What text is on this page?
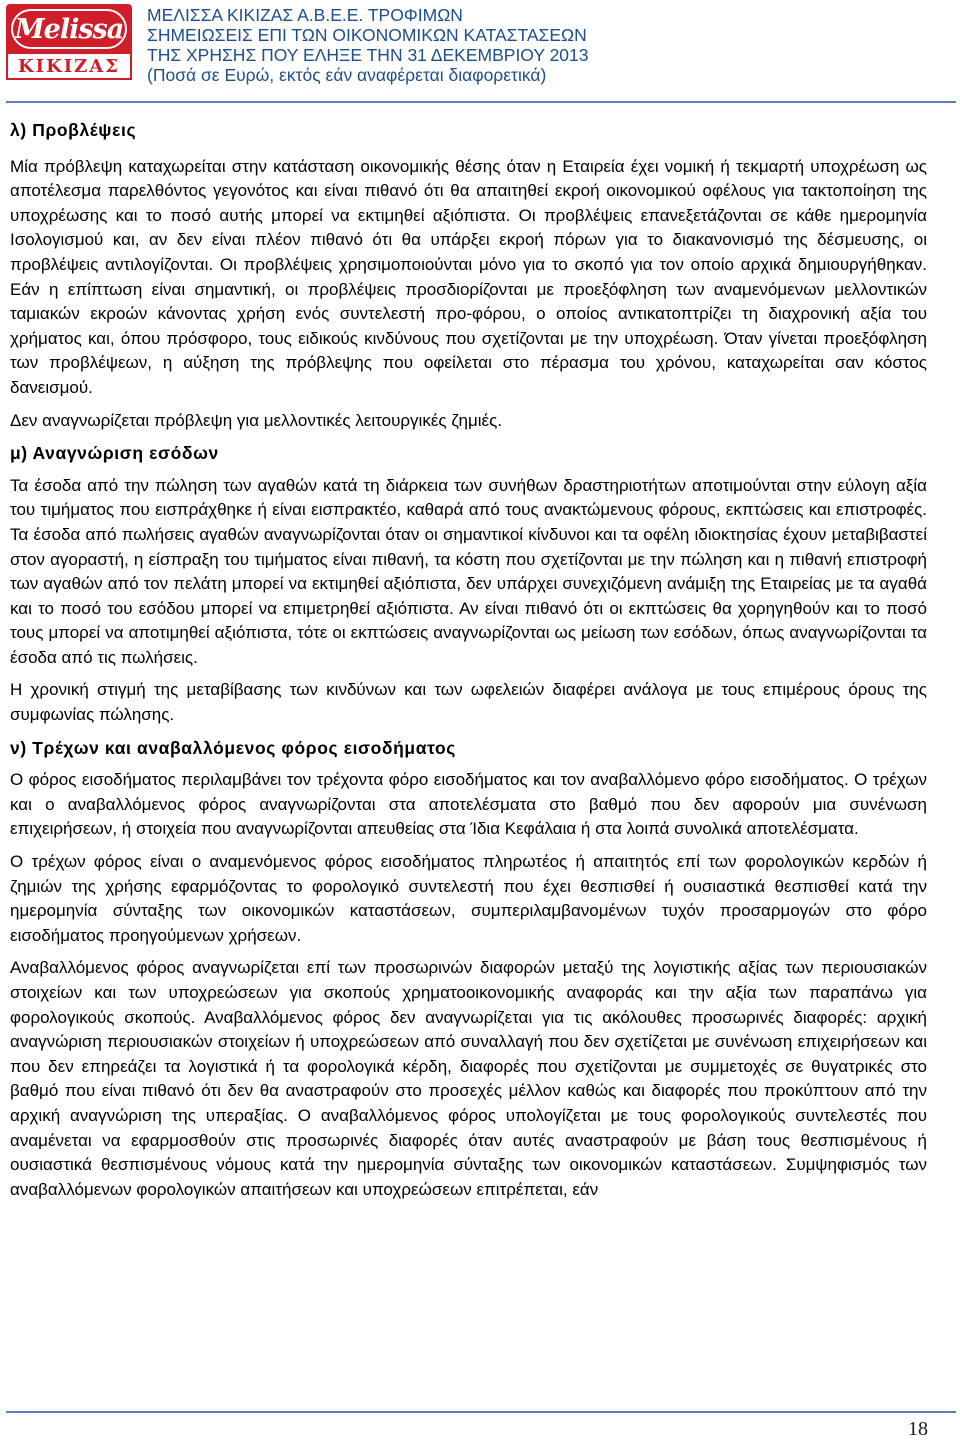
Melissa
ΚΙΚΙΖΑΣ
ΜΕΛΙΣΣΑ ΚΙΚΙΖΑΣ Α.Β.Ε.Ε. ΤΡΟΦΙΜΩΝ
ΣΗΜΕΙΩΣΕΙΣ ΕΠΙ ΤΩΝ ΟΙΚΟΝΟΜΙΚΩΝ ΚΑΤΑΣΤΑΣΕΩΝ
ΤΗΣ ΧΡΗΣΗΣ ΠΟΥ ΕΛΗΞΕ ΤΗΝ 31 ΔΕΚΕΜΒΡΙΟΥ 2013
(Ποσά σε Ευρώ, εκτός εάν αναφέρεται διαφορετικά)
λ) Προβλέψεις

Μία πρόβλεψη καταχωρείται στην κατάσταση οικονομικής θέσης όταν η Εταιρεία έχει νομική ή τεκμαρτή υποχρέωση ως αποτέλεσμα παρελθόντος γεγονότος και είναι πιθανό ότι θα απαιτηθεί εκροή οικονομικού οφέλους για τακτοποίηση της υποχρέωσης και το ποσό αυτής μπορεί να εκτιμηθεί αξιόπιστα. Οι προβλέψεις επανεξετάζονται σε κάθε ημερομηνία Ισολογισμού και, αν δεν είναι πλέον πιθανό ότι θα υπάρξει εκροή πόρων για το διακανονισμό της δέσμευσης, οι προβλέψεις αντιλογίζονται. Οι προβλέψεις χρησιμοποιούνται μόνο για το σκοπό για τον οποίο αρχικά δημιουργήθηκαν. Εάν η επίπτωση είναι σημαντική, οι προβλέψεις προσδιορίζονται με προεξόφληση των αναμενόμενων μελλοντικών ταμιακών εκροών κάνοντας χρήση ενός συντελεστή προ-φόρου, ο οποίος αντικατοπτρίζει τη διαχρονική αξία του χρήματος και, όπου πρόσφορο, τους ειδικούς κινδύνους που σχετίζονται με την υποχρέωση. Όταν γίνεται προεξόφληση των προβλέψεων, η αύξηση της πρόβλεψης που οφείλεται στο πέρασμα του χρόνου, καταχωρείται σαν κόστος δανεισμού.

Δεν αναγνωρίζεται πρόβλεψη για μελλοντικές λειτουργικές ζημιές.

μ) Αναγνώριση εσόδων

Τα έσοδα από την πώληση των αγαθών κατά τη διάρκεια των συνήθων δραστηριοτήτων αποτιμούνται στην εύλογη αξία του τιμήματος που εισπράχθηκε ή είναι εισπρακτέο, καθαρά από τους ανακτώμενους φόρους, εκπτώσεις και επιστροφές. Τα έσοδα από πωλήσεις αγαθών αναγνωρίζονται όταν οι σημαντικοί κίνδυνοι και τα οφέλη ιδιοκτησίας έχουν μεταβιβαστεί στον αγοραστή, η είσπραξη του τιμήματος είναι πιθανή, τα κόστη που σχετίζονται με την πώληση και η πιθανή επιστροφή των αγαθών από τον πελάτη μπορεί να εκτιμηθεί αξιόπιστα, δεν υπάρχει συνεχιζόμενη ανάμιξη της Εταιρείας με τα αγαθά και το ποσό του εσόδου μπορεί να επιμετρηθεί αξιόπιστα. Αν είναι πιθανό ότι οι εκπτώσεις θα χορηγηθούν και το ποσό τους μπορεί να αποτιμηθεί αξιόπιστα, τότε οι εκπτώσεις αναγνωρίζονται ως μείωση των εσόδων, όπως αναγνωρίζονται τα έσοδα από τις πωλήσεις.

Η χρονική στιγμή της μεταβίβασης των κινδύνων και των ωφελειών διαφέρει ανάλογα με τους επιμέρους όρους της συμφωνίας πώλησης.

ν) Τρέχων και αναβαλλόμενος φόρος εισοδήματος

Ο φόρος εισοδήματος περιλαμβάνει τον τρέχοντα φόρο εισοδήματος και τον αναβαλλόμενο φόρο εισοδήματος. Ο τρέχων και ο αναβαλλόμενος φόρος αναγνωρίζονται στα αποτελέσματα στο βαθμό που δεν αφορούν μια συνένωση επιχειρήσεων, ή στοιχεία που αναγνωρίζονται απευθείας στα Ίδια Κεφάλαια ή στα λοιπά συνολικά αποτελέσματα.

Ο τρέχων φόρος είναι ο αναμενόμενος φόρος εισοδήματος πληρωτέος ή απαιτητός επί των φορολογικών κερδών ή ζημιών της χρήσης εφαρμόζοντας το φορολογικό συντελεστή που έχει θεσπισθεί ή ουσιαστικά θεσπισθεί κατά την ημερομηνία σύνταξης των οικονομικών καταστάσεων, συμπεριλαμβανομένων τυχόν προσαρμογών στο φόρο εισοδήματος προηγούμενων χρήσεων.

Αναβαλλόμενος φόρος αναγνωρίζεται επί των προσωρινών διαφορών μεταξύ της λογιστικής αξίας των περιουσιακών στοιχείων και των υποχρεώσεων για σκοπούς χρηματοοικονομικής αναφοράς και την αξία των παραπάνω για φορολογικούς σκοπούς. Αναβαλλόμενος φόρος δεν αναγνωρίζεται για τις ακόλουθες προσωρινές διαφορές: αρχική αναγνώριση περιουσιακών στοιχείων ή υποχρεώσεων από συναλλαγή που δεν σχετίζεται με συνένωση επιχειρήσεων και που δεν επηρεάζει τα λογιστικά ή τα φορολογικά κέρδη, διαφορές που σχετίζονται με συμμετοχές σε θυγατρικές στο βαθμό που είναι πιθανό ότι δεν θα αναστραφούν στο προσεχές μέλλον καθώς και διαφορές που προκύπτουν από την αρχική αναγνώριση της υπεραξίας. Ο αναβαλλόμενος φόρος υπολογίζεται με τους φορολογικούς συντελεστές που αναμένεται να εφαρμοσθούν στις προσωρινές διαφορές όταν αυτές αναστραφούν με βάση τους θεσπισμένους ή ουσιαστικά θεσπισμένους νόμους κατά την ημερομηνία σύνταξης των οικονομικών καταστάσεων. Συμψηφισμός των αναβαλλόμενων φορολογικών απαιτήσεων και υποχρεώσεων επιτρέπεται, εάν

18
